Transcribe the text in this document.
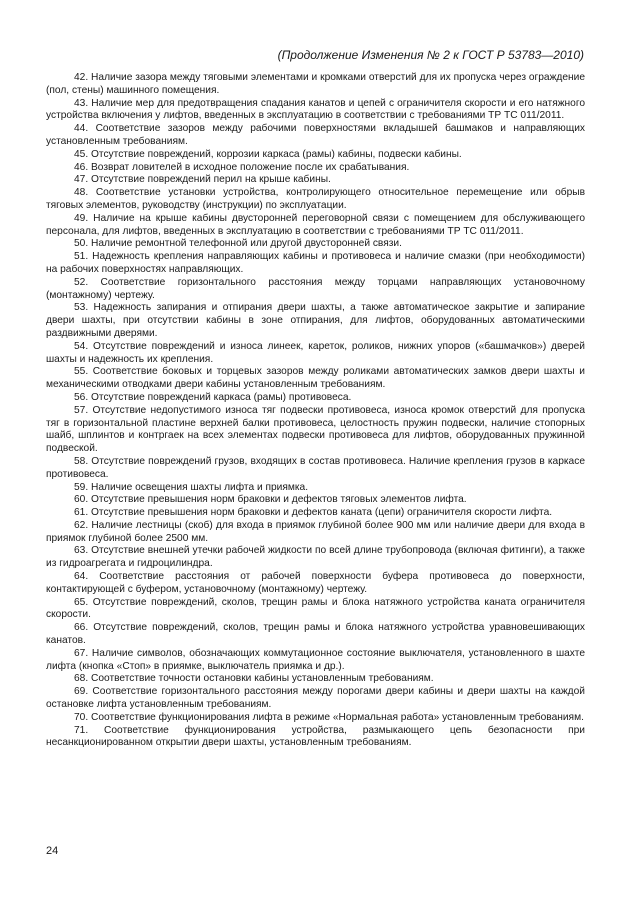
(Продолжение Изменения № 2 к ГОСТ Р 53783—2010)

42. Наличие зазора между тяговыми элементами и кромками отверстий для их пропуска через ограждение (пол, стены) машинного помещения.

43. Наличие мер для предотвращения спадания канатов и цепей с ограничителя скорости и его натяжного устройства включения у лифтов, введенных в эксплуатацию в соответствии с требованиями ТР ТС 011/2011.

44. Соответствие зазоров между рабочими поверхностями вкладышей башмаков и направляющих установленным требованиям.

45. Отсутствие повреждений, коррозии каркаса (рамы) кабины, подвески кабины.

46. Возврат ловителей в исходное положение после их срабатывания.

47. Отсутствие повреждений перил на крыше кабины.

48. Соответствие установки устройства, контролирующего относительное перемещение или обрыв тяговых элементов, руководству (инструкции) по эксплуатации.

49. Наличие на крыше кабины двусторонней переговорной связи с помещением для обслуживающего персонала, для лифтов, введенных в эксплуатацию в соответствии с требованиями ТР ТС 011/2011.

50. Наличие ремонтной телефонной или другой двусторонней связи.

51. Надежность крепления направляющих кабины и противовеса и наличие смазки (при необходимости) на рабочих поверхностях направляющих.

52. Соответствие горизонтального расстояния между торцами направляющих установочному (монтажному) чертежу.

53. Надежность запирания и отпирания двери шахты, а также автоматическое закрытие и запирание двери шахты, при отсутствии кабины в зоне отпирания, для лифтов, оборудованных автоматическими раздвижными дверями.

54. Отсутствие повреждений и износа линеек, кареток, роликов, нижних упоров («башмачков») дверей шахты и надежность их крепления.

55. Соответствие боковых и торцевых зазоров между роликами автоматических замков двери шахты и механическими отводками двери кабины установленным требованиям.

56. Отсутствие повреждений каркаса (рамы) противовеса.

57. Отсутствие недопустимого износа тяг подвески противовеса, износа кромок отверстий для пропуска тяг в горизонтальной пластине верхней балки противовеса, целостность пружин подвески, наличие стопорных шайб, шплинтов и контргаек на всех элементах подвески противовеса для лифтов, оборудованных пружинной подвеской.

58. Отсутствие повреждений грузов, входящих в состав противовеса. Наличие крепления грузов в каркасе противовеса.

59. Наличие освещения шахты лифта и приямка.

60. Отсутствие превышения норм браковки и дефектов тяговых элементов лифта.

61. Отсутствие превышения норм браковки и дефектов каната (цепи) ограничителя скорости лифта.

62. Наличие лестницы (скоб) для входа в приямок глубиной более 900 мм или наличие двери для входа в приямок глубиной более 2500 мм.

63. Отсутствие внешней утечки рабочей жидкости по всей длине трубопровода (включая фитинги), а также из гидроагрегата и гидроцилиндра.

64. Соответствие расстояния от рабочей поверхности буфера противовеса до поверхности, контактирующей с буфером, установочному (монтажному) чертежу.

65. Отсутствие повреждений, сколов, трещин рамы и блока натяжного устройства каната ограничителя скорости.

66. Отсутствие повреждений, сколов, трещин рамы и блока натяжного устройства уравновешивающих канатов.

67. Наличие символов, обозначающих коммутационное состояние выключателя, установленного в шахте лифта (кнопка «Стоп» в приямке, выключатель приямка и др.).

68. Соответствие точности остановки кабины установленным требованиям.

69. Соответствие горизонтального расстояния между порогами двери кабины и двери шахты на каждой остановке лифта установленным требованиям.

70. Соответствие функционирования лифта в режиме «Нормальная работа» установленным требованиям.

71. Соответствие функционирования устройства, размыкающего цепь безопасности при несанкционированном открытии двери шахты, установленным требованиям.

24
